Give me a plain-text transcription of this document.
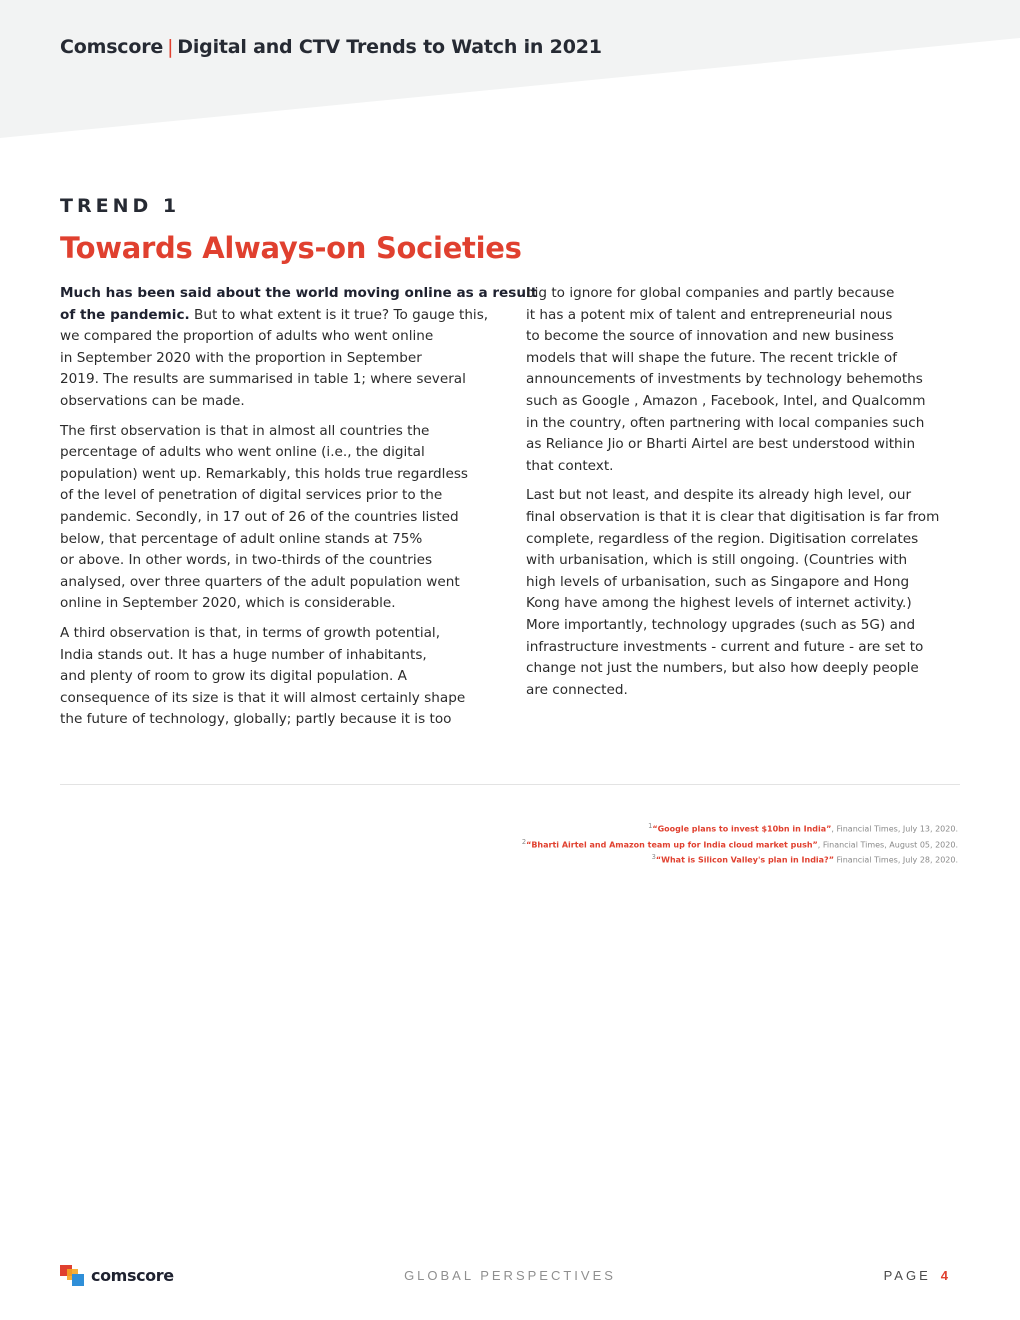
Comscore | Digital and CTV Trends to Watch in 2021
TREND 1
Towards Always-on Societies

Much has been said about the world moving online as a result
of the pandemic. But to what extent is it true? To gauge this,
we compared the proportion of adults who went online
in September 2020 with the proportion in September
2019. The results are summarised in table 1; where several
observations can be made.

The first observation is that in almost all countries the
percentage of adults who went online (i.e., the digital
population) went up. Remarkably, this holds true regardless
of the level of penetration of digital services prior to the
pandemic. Secondly, in 17 out of 26 of the countries listed
below, that percentage of adult online stands at 75%
or above. In other words, in two-thirds of the countries
analysed, over three quarters of the adult population went
online in September 2020, which is considerable.

A third observation is that, in terms of growth potential,
India stands out. It has a huge number of inhabitants,
and plenty of room to grow its digital population. A
consequence of its size is that it will almost certainly shape
the future of technology, globally; partly because it is too

big to ignore for global companies and partly because
it has a potent mix of talent and entrepreneurial nous
to become the source of innovation and new business
models that will shape the future. The recent trickle of
announcements of investments by technology behemoths
such as Google , Amazon , Facebook, Intel, and Qualcomm
in the country, often partnering with local companies such
as Reliance Jio or Bharti Airtel are best understood within
that context.

Last but not least, and despite its already high level, our
final observation is that it is clear that digitisation is far from
complete, regardless of the region. Digitisation correlates
with urbanisation, which is still ongoing. (Countries with
high levels of urbanisation, such as Singapore and Hong
Kong have among the highest levels of internet activity.)
More importantly, technology upgrades (such as 5G) and
infrastructure investments - current and future - are set to
change not just the numbers, but also how deeply people
are connected.

$^1$“Google plans to invest $10bn in India”, Financial Times, July 13, 2020.
$^2$“Bharti Airtel and Amazon team up for India cloud market push”, Financial Times, August 05, 2020.
$^3$“What is Silicon Valley's plan in India?” Financial Times, July 28, 2020.
comscore	GLOBAL PERSPECTIVES	PAGE 4
